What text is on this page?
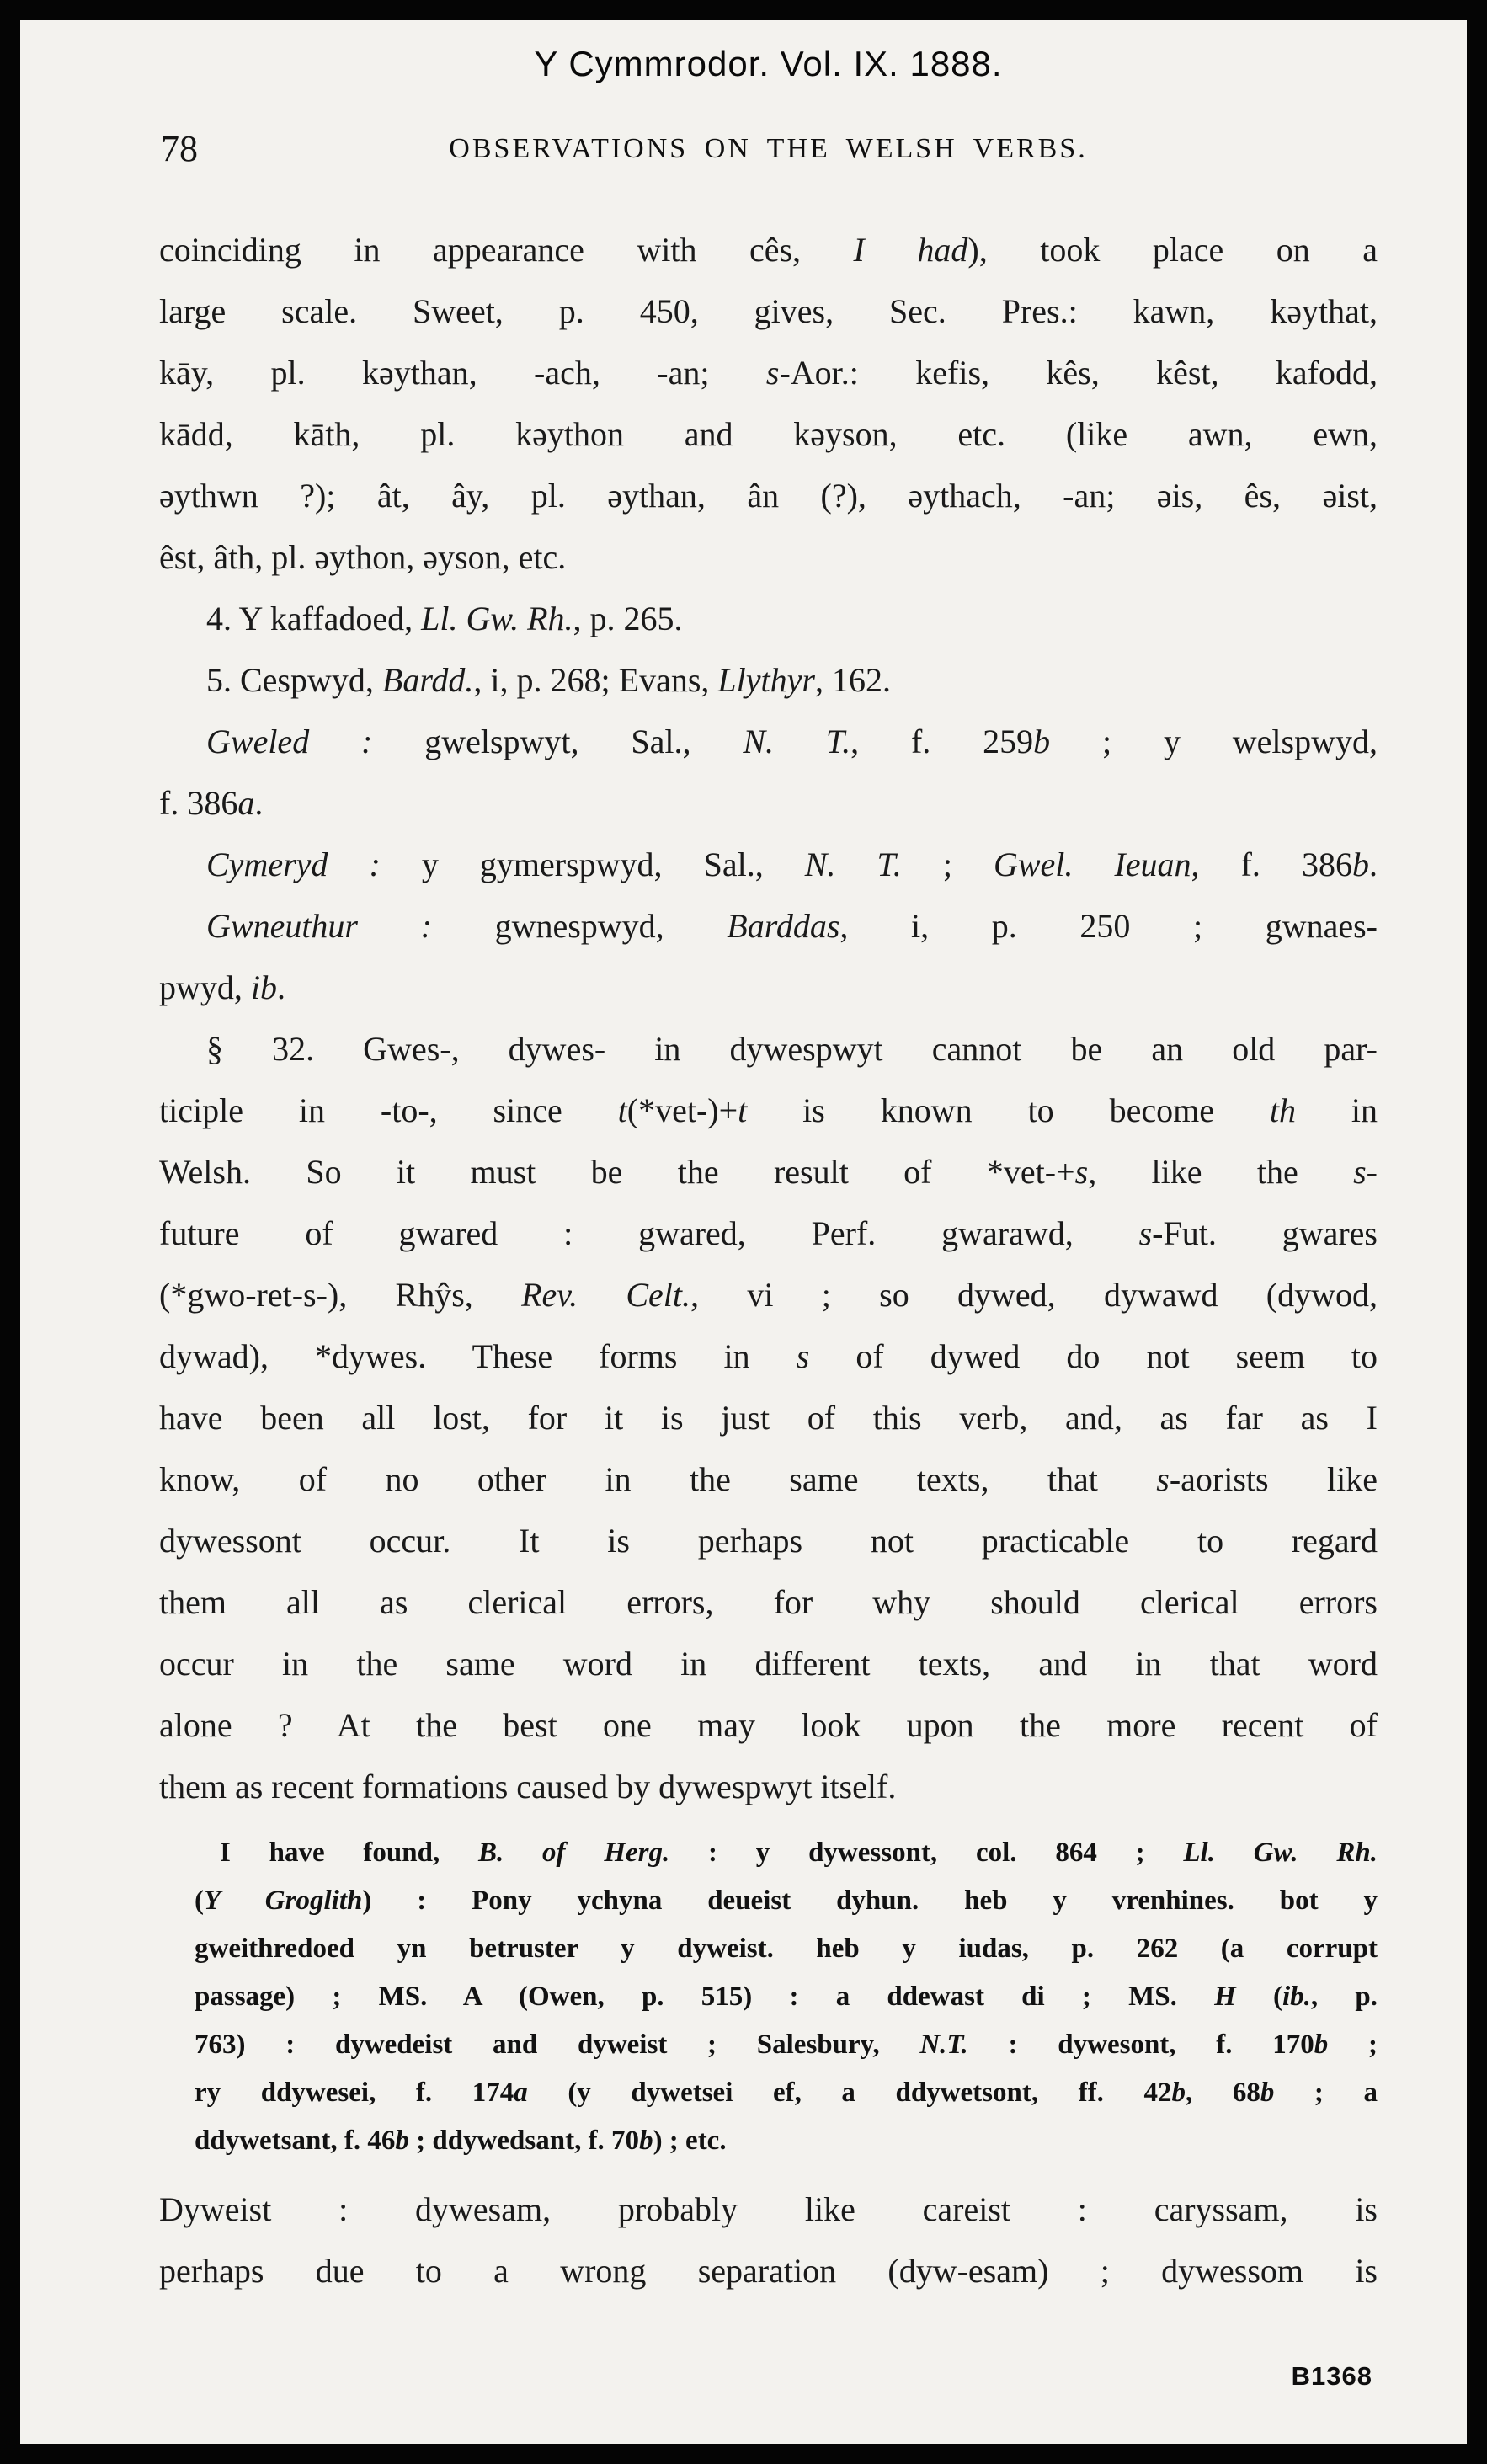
Y Cymmrodor. Vol. IX. 1888.
78	OBSERVATIONS ON THE WELSH VERBS.
coinciding in appearance with cês, I had), took place on a
large scale. Sweet, p. 450, gives, Sec. Pres.: kawn, kəythat,
kāy, pl. kəythan, -ach, -an; s-Aor.: kefis, kês, kêst, kafodd,
kādd, kāth, pl. kəython and kəyson, etc. (like awn, ewn,
əythwn ?); ât, ây, pl. əythan, ân (?), əythach, -an; əis, ês, əist,
êst, âth, pl. əython, əyson, etc.
4. Y kaffadoed, Ll. Gw. Rh., p. 265.
5. Cespwyd, Bardd., i, p. 268; Evans, Llythyr, 162.
Gweled : gwelspwyt, Sal., N. T., f. 259b ; y welspwyd,
f. 386a.
Cymeryd : y gymerspwyd, Sal., N. T. ; Gwel. Ieuan, f. 386b.
Gwneuthur : gwnespwyd, Barddas, i, p. 250 ; gwnaes-
pwyd, ib.
§ 32. Gwes-, dywes- in dywespwyt cannot be an old par-
ticiple in -to-, since t(*vet-)+t is known to become th in
Welsh. So it must be the result of *vet-+s, like the s-
future of gwared : gwared, Perf. gwarawd, s-Fut. gwares
(*gwo-ret-s-), Rhŷs, Rev. Celt., vi ; so dywed, dywawd (dywod,
dywad), *dywes. These forms in s of dywed do not seem to
have been all lost, for it is just of this verb, and, as far as I
know, of no other in the same texts, that s-aorists like
dywessont occur. It is perhaps not practicable to regard
them all as clerical errors, for why should clerical errors
occur in the same word in different texts, and in that word
alone ? At the best one may look upon the more recent of
them as recent formations caused by dywespwyt itself.
I have found, B. of Herg. : y dywessont, col. 864 ; Ll. Gw. Rh.
(Y Groglith) : Pony ychyna deueist dyhun. heb y vrenhines. bot y
gweithredoed yn betruster y dyweist. heb y iudas, p. 262 (a corrupt
passage) ; MS. A (Owen, p. 515) : a ddewast di ; MS. H (ib., p.
763) : dywedeist and dyweist ; Salesbury, N.T. : dywesont, f. 170b ;
ry ddywesei, f. 174a (y dywetsei ef, a ddywetsont, ff. 42b, 68b ; a
ddywetsant, f. 46b ; ddywedsant, f. 70b) ; etc.
Dyweist : dywesam, probably like careist : caryssam, is
perhaps due to a wrong separation (dyw-esam) ; dywessom is
B1368
